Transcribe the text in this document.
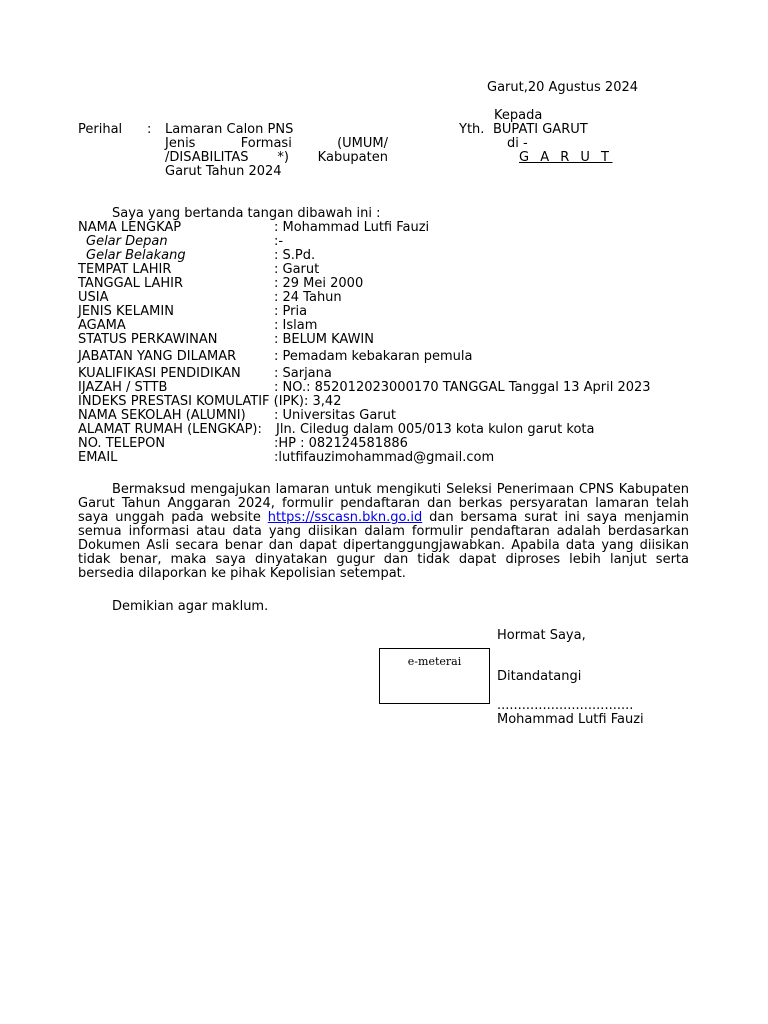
Garut,20 Agustus 2024
Kepada
Yth. BUPATI GARUT
di -
G A R U T
Perihal : Lamaran Calon PNS
Jenis Formasi (UMUM/
/DISABILITAS *) Kabupaten
Garut Tahun 2024
Saya yang bertanda tangan dibawah ini :
NAMA LENGKAP	: Mohammad Lutfi Fauzi
Gelar Depan	:-
Gelar Belakang	: S.Pd.
TEMPAT LAHIR	: Garut
TANGGAL LAHIR	: 29 Mei 2000
USIA	: 24 Tahun
JENIS KELAMIN	: Pria
AGAMA	: Islam
STATUS PERKAWINAN	: BELUM KAWIN
JABATAN YANG DILAMAR	: Pemadam kebakaran pemula
KUALIFIKASI PENDIDIKAN	: Sarjana
IJAZAH / STTB	: NO.: 852012023000170 TANGGAL Tanggal 13 April 2023
INDEKS PRESTASI KOMULATIF (IPK): 3,42
NAMA SEKOLAH (ALUMNI) : Universitas Garut
ALAMAT RUMAH (LENGKAP): Jln. Ciledug dalam 005/013 kota kulon garut kota
NO. TELEPON	:HP : 082124581886
EMAIL	:lutfifauzimohammad@gmail.com
Bermaksud mengajukan lamaran untuk mengikuti Seleksi Penerimaan CPNS Kabupaten Garut Tahun Anggaran 2024, formulir pendaftaran dan berkas persyaratan lamaran telah saya unggah pada website https://sscasn.bkn.go.id dan bersama surat ini saya menjamin semua informasi atau data yang diisikan dalam formulir pendaftaran adalah berdasarkan Dokumen Asli secara benar dan dapat dipertanggungjawabkan. Apabila data yang diisikan tidak benar, maka saya dinyatakan gugur dan tidak dapat diproses lebih lanjut serta bersedia dilaporkan ke pihak Kepolisian setempat.
Demikian agar maklum.
Hormat Saya,
e-meterai
Ditandatangi
.................................
Mohammad Lutfi Fauzi
